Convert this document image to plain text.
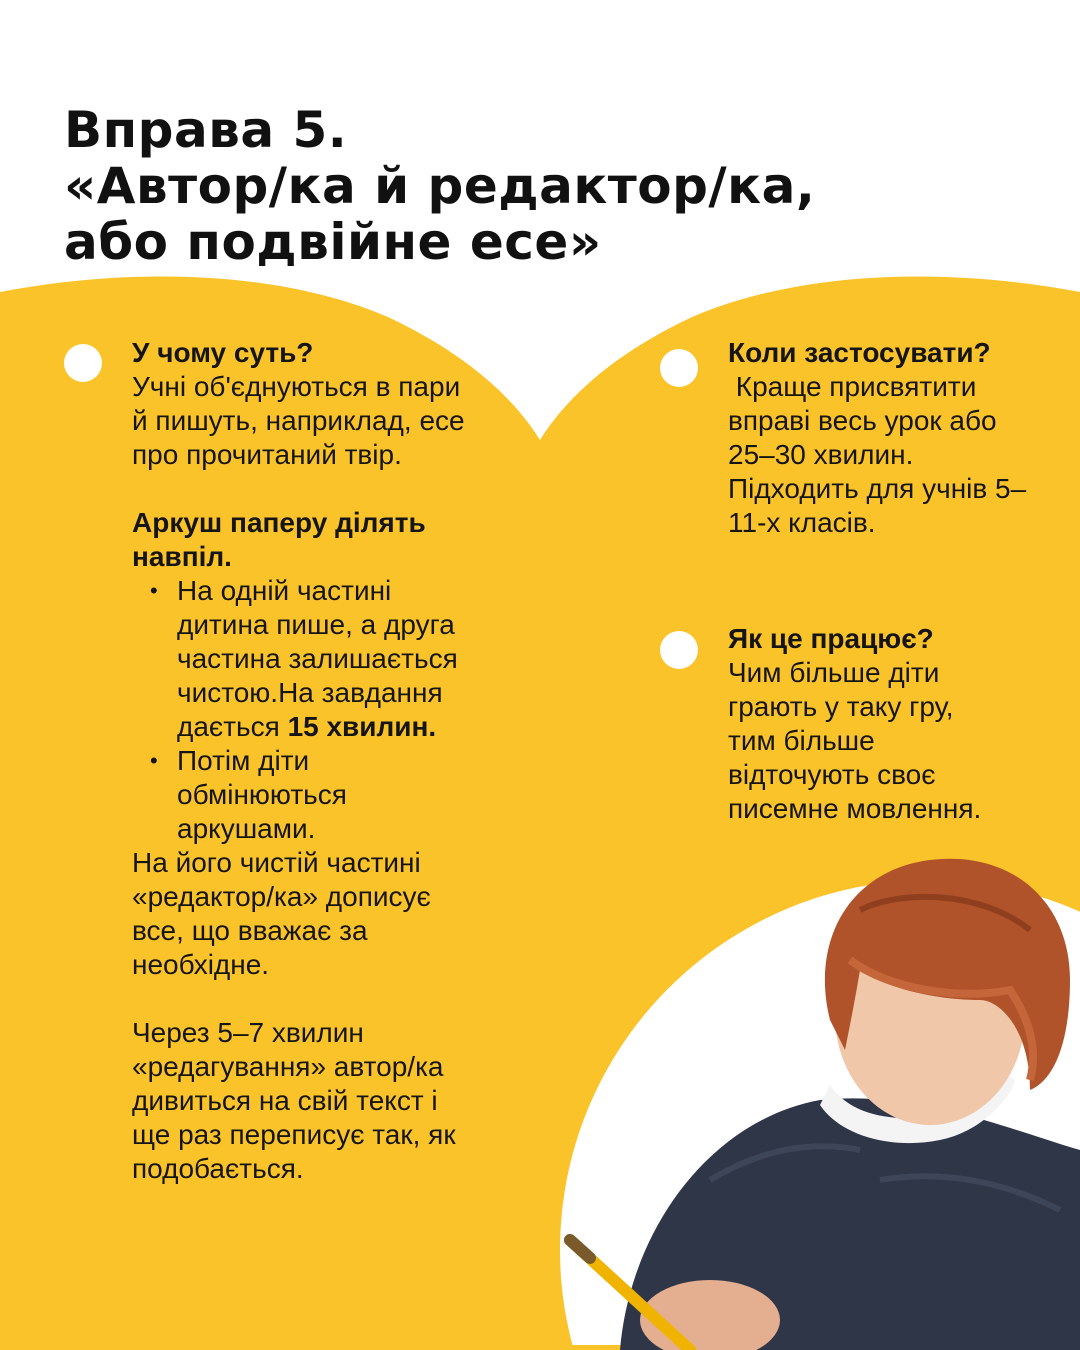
Вправа 5.
«Автор/ка й редактор/ка,
або подвійне есе»

У чому суть?

Учні об'єднуються в пари й пишуть, наприклад, есе про прочитаний твір.

Аркуш паперу ділять навпіл.

• На одній частині дитина пише, а друга частина залишається чистою.На завдання дається 15 хвилин.
• Потім діти обмінюються аркушами.

На його чистій частині «редактор/ка» дописує все, що вважає за необхідне.

Через 5–7 хвилин «редагування» автор/ка дивиться на свій текст і ще раз переписує так, як подобається.

Коли застосувати?

Краще присвятити вправі весь урок або 25–30 хвилин. Підходить для учнів 5–11-х класів.

Як це працює?

Чим більше діти грають у таку гру, тим більше відточують своє писемне мовлення.
